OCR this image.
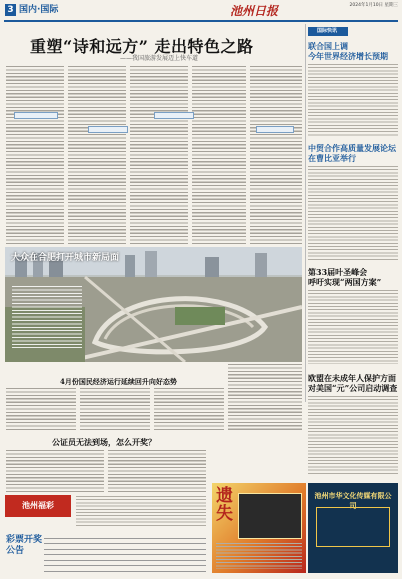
3 国内·国际	池州日报	2024年1月10日 星期三
重塑“诗和远方” 走出特色之路
——我国旅游发展迈上快车道
国际快讯
联合国上调
今年世界经济增长预期
中贸合作高质量发展论坛
在曹比亚举行
第33届叶圣峰会
呼吁实现“两国方案”
大众在合肥打开城市新局面
4月份国民经济运行延续回升向好态势	欧盟在未成年人保护方面
对美国“元”公司启动调查
公证员无法到场，怎么开奖？
池州福彩
彩票开奖公告
遗失
池州市华文化传媒有限公司
